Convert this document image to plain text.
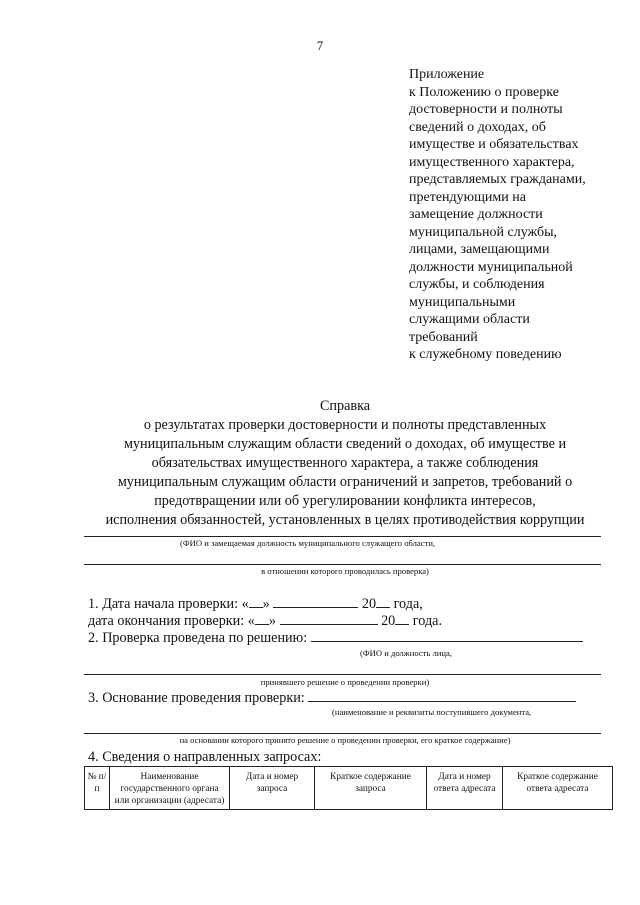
7
Приложение
к Положению о проверке
достоверности и полноты
сведений о доходах, об
имуществе и обязательствах
имущественного характера,
представляемых гражданами,
претендующими на
замещение должности
муниципальной службы,
лицами, замещающими
должности муниципальной
службы, и соблюдения
муниципальными
служащими области
требований
к служебному поведению
Справка
о результатах проверки достоверности и полноты представленных
муниципальным служащим области сведений о доходах, об имуществе и
обязательствах имущественного характера, а также соблюдения
муниципальным служащим области ограничений и запретов, требований о
предотвращении или об урегулировании конфликта интересов,
исполнения обязанностей, установленных в целях противодействия коррупции
(ФИО и замещаемая должность муниципального служащего области,
в отношении которого проводилась проверка)
1. Дата начала проверки: « »	20 года,
дата окончания проверки: « »	20 года.
2. Проверка проведена по решению:
(ФИО и должность лица,
принявшего решение о проведении проверки)
3. Основание проведения проверки:
(наименование и реквизиты поступившего документа,
на основании которого принято решение о проведении проверки, его краткое содержание)
4. Сведения о направленных запросах:
№ п/п	Наименование государственного органа или организации (адресата)	Дата и номер запроса	Краткое содержание запроса	Дата и номер ответа адресата	Краткое содержание ответа адресата
